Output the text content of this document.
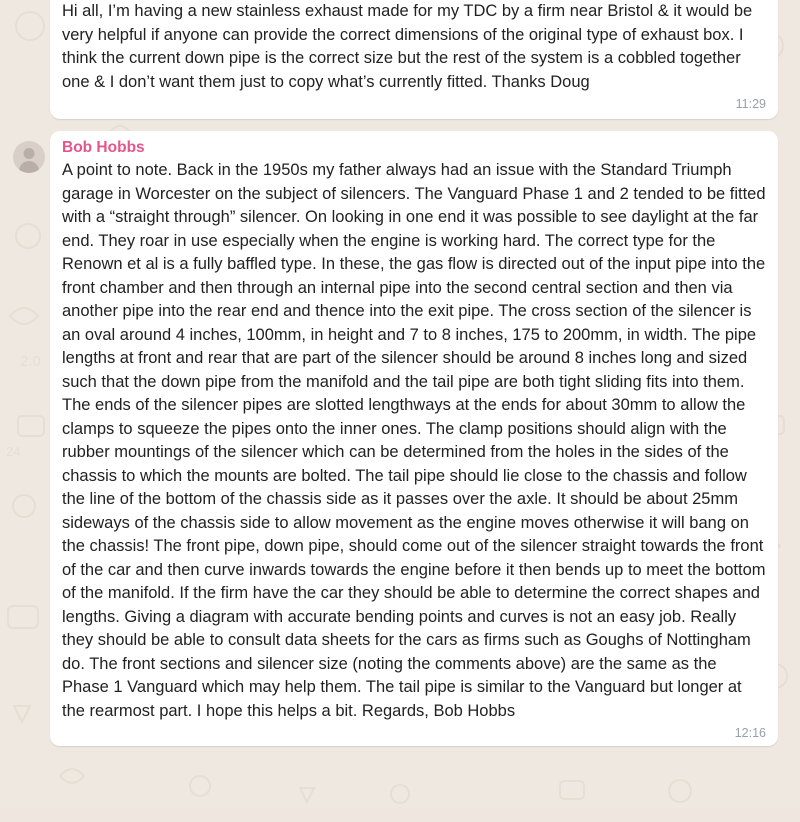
2.0
24
Hi all, I’m having a new stainless exhaust made for my TDC by a firm near Bristol & it would be very helpful if anyone can provide the correct dimensions of the original type of exhaust box. I think the current down pipe is the correct size but the rest of the system is a cobbled together one & I don’t want them just to copy what’s currently fitted. Thanks Doug
11:29
Bob Hobbs
A point to note. Back in the 1950s my father always had an issue with the Standard Triumph garage in Worcester on the subject of silencers. The Vanguard Phase 1 and 2 tended to be fitted with a “straight through” silencer. On looking in one end it was possible to see daylight at the far end. They roar in use especially when the engine is working hard. The correct type for the Renown et al is a fully baffled type. In these, the gas flow is directed out of the input pipe into the front chamber and then through an internal pipe into the second central section and then via another pipe into the rear end and thence into the exit pipe. The cross section of the silencer is an oval around 4 inches, 100mm, in height and 7 to 8 inches, 175 to 200mm, in width. The pipe lengths at front and rear that are part of the silencer should be around 8 inches long and sized such that the down pipe from the manifold and the tail pipe are both tight sliding fits into them. The ends of the silencer pipes are slotted lengthways at the ends for about 30mm to allow the clamps to squeeze the pipes onto the inner ones. The clamp positions should align with the rubber mountings of the silencer which can be determined from the holes in the sides of the chassis to which the mounts are bolted. The tail pipe should lie close to the chassis and follow the line of the bottom of the chassis side as it passes over the axle. It should be about 25mm sideways of the chassis side to allow movement as the engine moves otherwise it will bang on the chassis! The front pipe, down pipe, should come out of the silencer straight towards the front of the car and then curve inwards towards the engine before it then bends up to meet the bottom of the manifold. If the firm have the car they should be able to determine the correct shapes and lengths. Giving a diagram with accurate bending points and curves is not an easy job. Really they should be able to consult data sheets for the cars as firms such as Goughs of Nottingham do. The front sections and silencer size (noting the comments above) are the same as the Phase 1 Vanguard which may help them. The tail pipe is similar to the Vanguard but longer at the rearmost part. I hope this helps a bit. Regards, Bob Hobbs
12:16
